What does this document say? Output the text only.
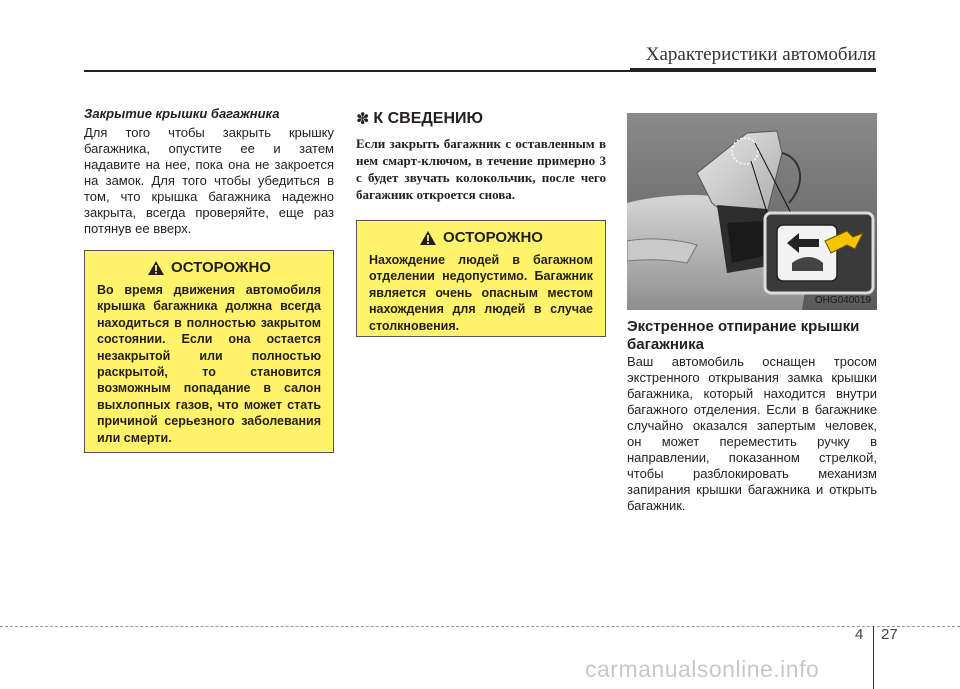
Характеристики автомобиля

Закрытие крышки багажника

Для того чтобы закрыть крышку багажника, опустите ее и затем надавите на нее, пока она не закроется на замок. Для того чтобы убедиться в том, что крышка багажника надежно закрыта, всегда проверяйте, еще раз потянув ее вверх.

ОСТОРОЖНО

Во время движения автомобиля крышка багажника должна всегда находиться в полностью закрытом состоянии. Если она остается незакрытой или полностью раскрытой, то становится возможным попадание в салон выхлопных газов, что может стать причиной серьезного заболевания или смерти.

✽ К СВЕДЕНИЮ

Если закрыть багажник с оставленным в нем смарт-ключом, в течение примерно 3 с будет звучать колокольчик, после чего багажник откроется снова.

ОСТОРОЖНО

Нахождение людей в багажном отделении недопустимо. Багажник является очень опасным местом нахождения для людей в случае столкновения.

OHG040019
Экстренное отпирание крышки багажника

Ваш автомобиль оснащен тросом экстренного открывания замка крышки багажника, который находится внутри багажного отделения. Если в багажнике случайно оказался запертым человек, он может переместить ручку в направлении, показанном стрелкой, чтобы разблокировать механизм запирания крышки багажника и открыть багажник.

4 27
carmanualsonline.info
